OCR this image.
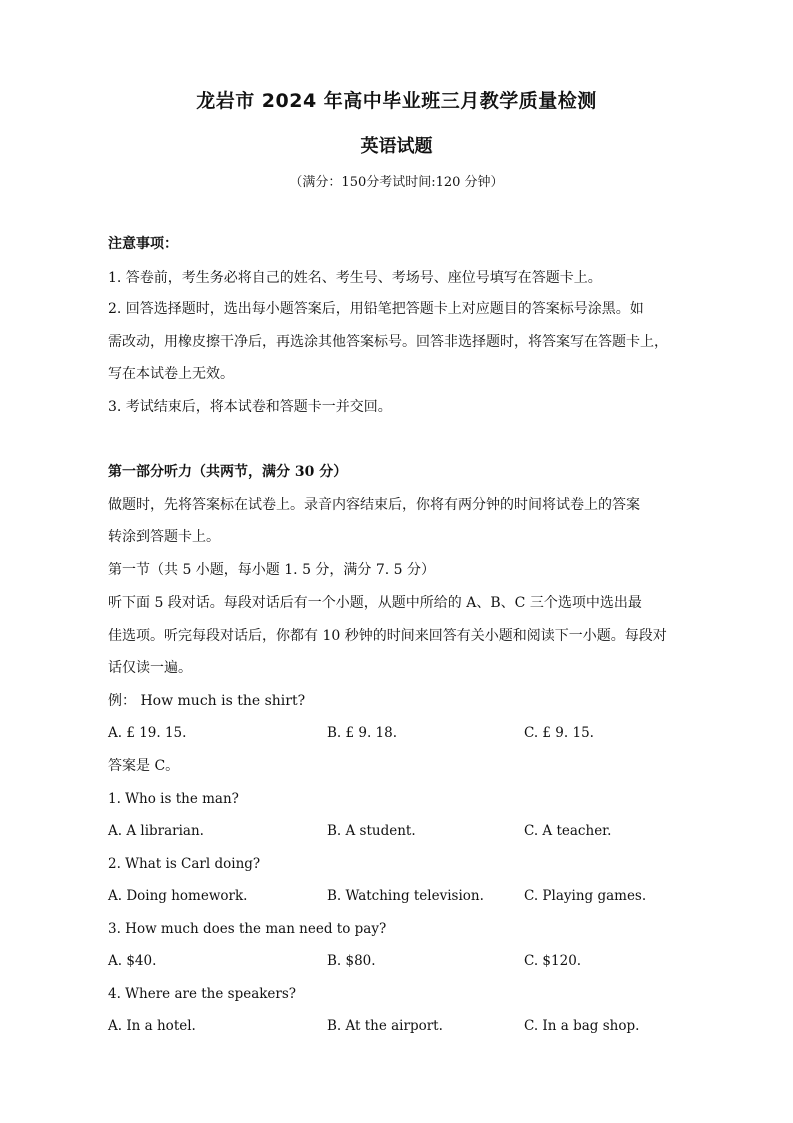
龙岩市 2024 年高中毕业班三月教学质量检测
英语试题
（满分：150分考试时间:120 分钟）
注意事项：
1. 答卷前，考生务必将自己的姓名、考生号、考场号、座位号填写在答题卡上。
2. 回答选择题时，选出每小题答案后，用铅笔把答题卡上对应题目的答案标号涂黑。如
需改动，用橡皮擦干净后，再选涂其他答案标号。回答非选择题时，将答案写在答题卡上，
写在本试卷上无效。
3. 考试结束后，将本试卷和答题卡一并交回。
第一部分听力（共两节，满分 30 分）
做题时，先将答案标在试卷上。录音内容结束后，你将有两分钟的时间将试卷上的答案
转涂到答题卡上。
第一节（共 5 小题，每小题 1. 5 分，满分 7. 5 分）
听下面 5 段对话。每段对话后有一个小题，从题中所给的 A、B、C 三个选项中选出最
佳选项。听完每段对话后，你都有 10 秒钟的时间来回答有关小题和阅读下一小题。每段对
话仅读一遍。
例： How much is the shirt?
A. £ 19. 15.	B. £ 9. 18.	C. £ 9. 15.
答案是 C。
1. Who is the man?
A. A librarian.	B. A student.	C. A teacher.
2. What is Carl doing?
A. Doing homework.	B. Watching television.	C. Playing games.
3. How much does the man need to pay?
A. $40.	B. $80.	C. $120.
4. Where are the speakers?
A. In a hotel.	B. At the airport.	C. In a bag shop.
